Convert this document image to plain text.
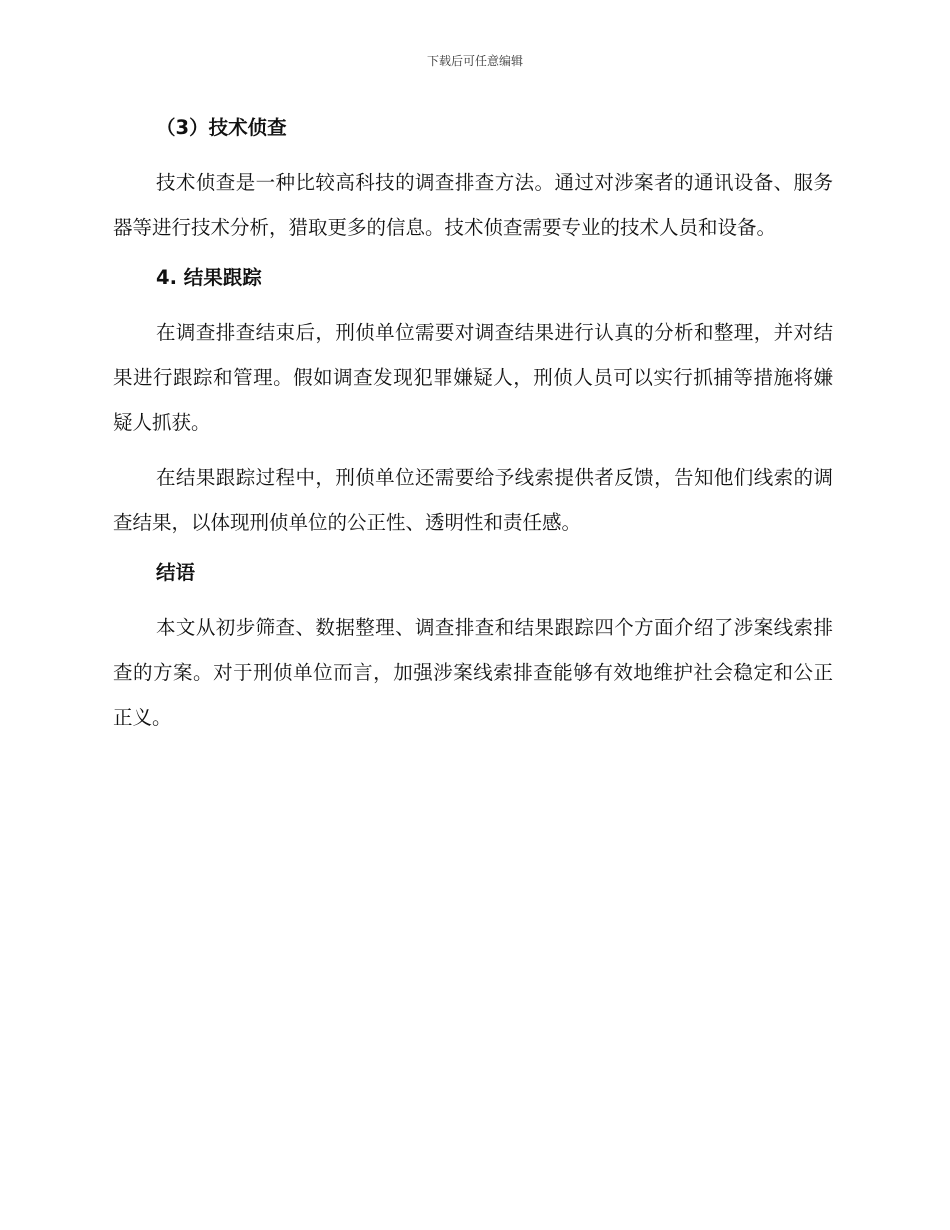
下载后可任意编辑
（3）技术侦查

技术侦查是一种比较高科技的调查排查方法。通过对涉案者的通讯设备、服务器等进行技术分析，猎取更多的信息。技术侦查需要专业的技术人员和设备。

4. 结果跟踪

在调查排查结束后，刑侦单位需要对调查结果进行认真的分析和整理，并对结果进行跟踪和管理。假如调查发现犯罪嫌疑人，刑侦人员可以实行抓捕等措施将嫌疑人抓获。

在结果跟踪过程中，刑侦单位还需要给予线索提供者反馈，告知他们线索的调查结果，以体现刑侦单位的公正性、透明性和责任感。

结语

本文从初步筛查、数据整理、调查排查和结果跟踪四个方面介绍了涉案线索排查的方案。对于刑侦单位而言，加强涉案线索排查能够有效地维护社会稳定和公正正义。
